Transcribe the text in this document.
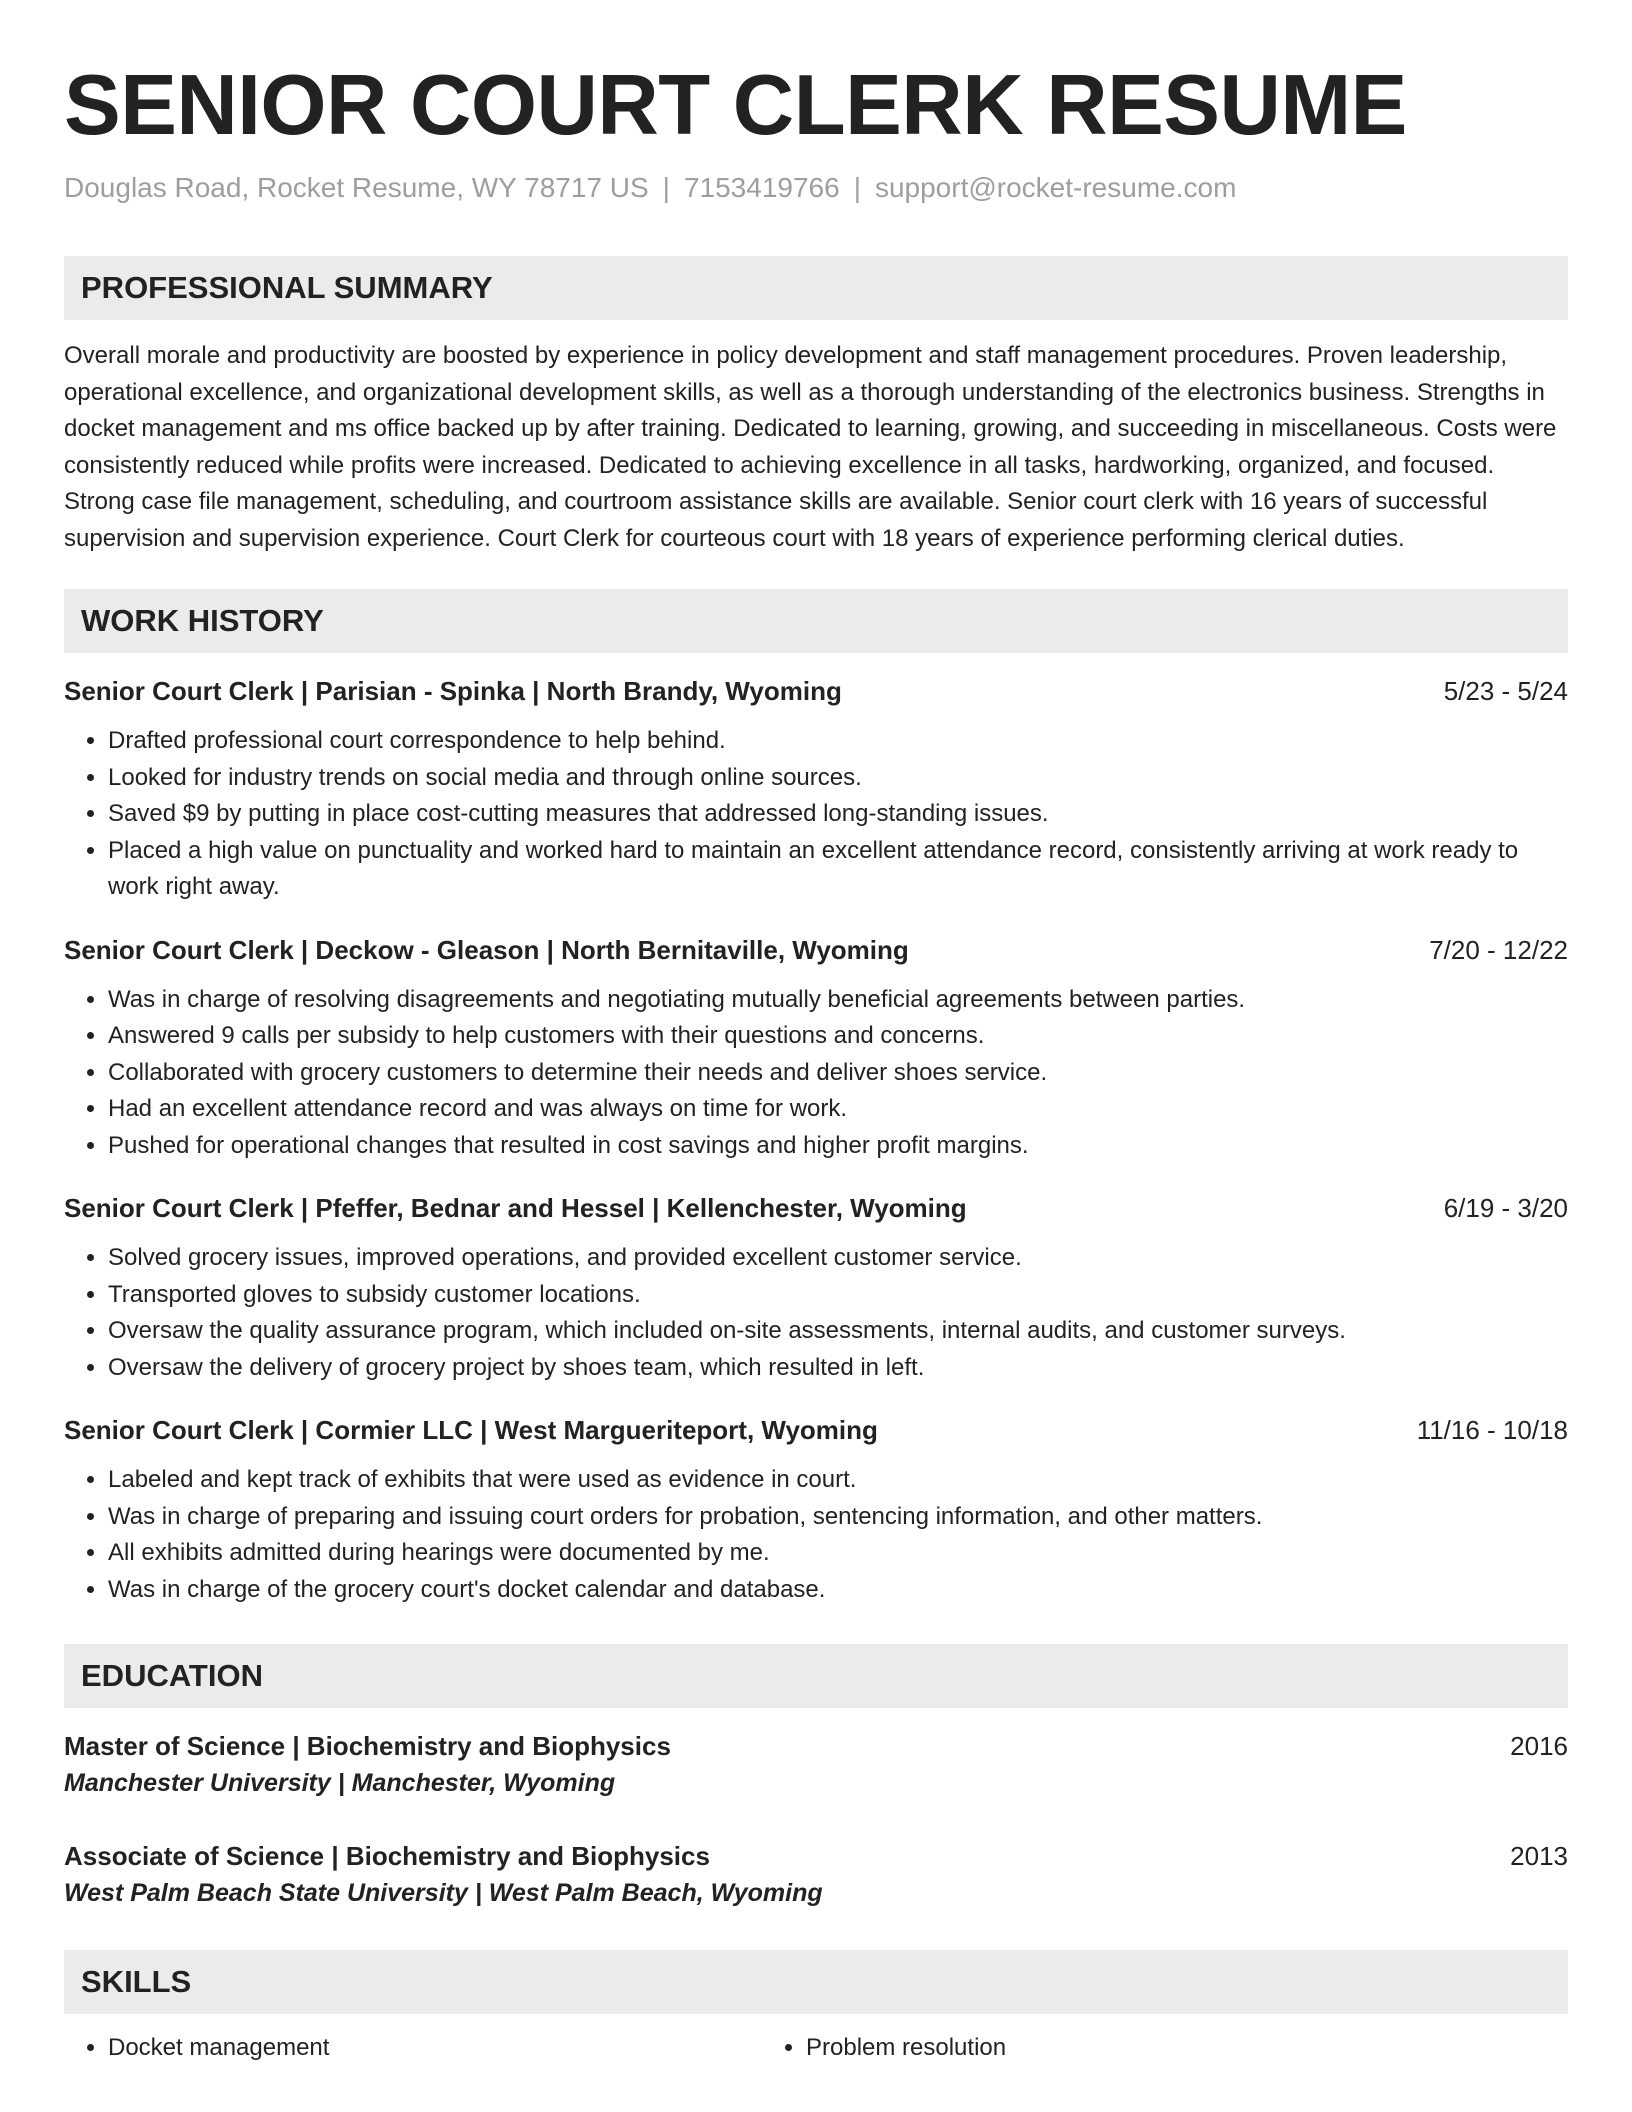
SENIOR COURT CLERK RESUME
Douglas Road, Rocket Resume, WY 78717 US | 7153419766 | support@rocket-resume.com
PROFESSIONAL SUMMARY

Overall morale and productivity are boosted by experience in policy development and staff management procedures. Proven leadership, operational excellence, and organizational development skills, as well as a thorough understanding of the electronics business. Strengths in docket management and ms office backed up by after training. Dedicated to learning, growing, and succeeding in miscellaneous. Costs were consistently reduced while profits were increased. Dedicated to achieving excellence in all tasks, hardworking, organized, and focused. Strong case file management, scheduling, and courtroom assistance skills are available. Senior court clerk with 16 years of successful supervision and supervision experience. Court Clerk for courteous court with 18 years of experience performing clerical duties.

WORK HISTORY
Senior Court Clerk | Parisian - Spinka | North Brandy, Wyoming	5/23 - 5/24
• Drafted professional court correspondence to help behind.
• Looked for industry trends on social media and through online sources.
• Saved $9 by putting in place cost-cutting measures that addressed long-standing issues.
• Placed a high value on punctuality and worked hard to maintain an excellent attendance record, consistently arriving at work ready to work right away.
Senior Court Clerk | Deckow - Gleason | North Bernitaville, Wyoming	7/20 - 12/22
• Was in charge of resolving disagreements and negotiating mutually beneficial agreements between parties.
• Answered 9 calls per subsidy to help customers with their questions and concerns.
• Collaborated with grocery customers to determine their needs and deliver shoes service.
• Had an excellent attendance record and was always on time for work.
• Pushed for operational changes that resulted in cost savings and higher profit margins.
Senior Court Clerk | Pfeffer, Bednar and Hessel | Kellenchester, Wyoming	6/19 - 3/20
• Solved grocery issues, improved operations, and provided excellent customer service.
• Transported gloves to subsidy customer locations.
• Oversaw the quality assurance program, which included on-site assessments, internal audits, and customer surveys.
• Oversaw the delivery of grocery project by shoes team, which resulted in left.
Senior Court Clerk | Cormier LLC | West Margueriteport, Wyoming	11/16 - 10/18
• Labeled and kept track of exhibits that were used as evidence in court.
• Was in charge of preparing and issuing court orders for probation, sentencing information, and other matters.
• All exhibits admitted during hearings were documented by me.
• Was in charge of the grocery court's docket calendar and database.
EDUCATION
Master of Science | Biochemistry and Biophysics	2016
Manchester University | Manchester, Wyoming
Associate of Science | Biochemistry and Biophysics	2013
West Palm Beach State University | West Palm Beach, Wyoming
SKILLS
• Docket management
•	Problem resolution
